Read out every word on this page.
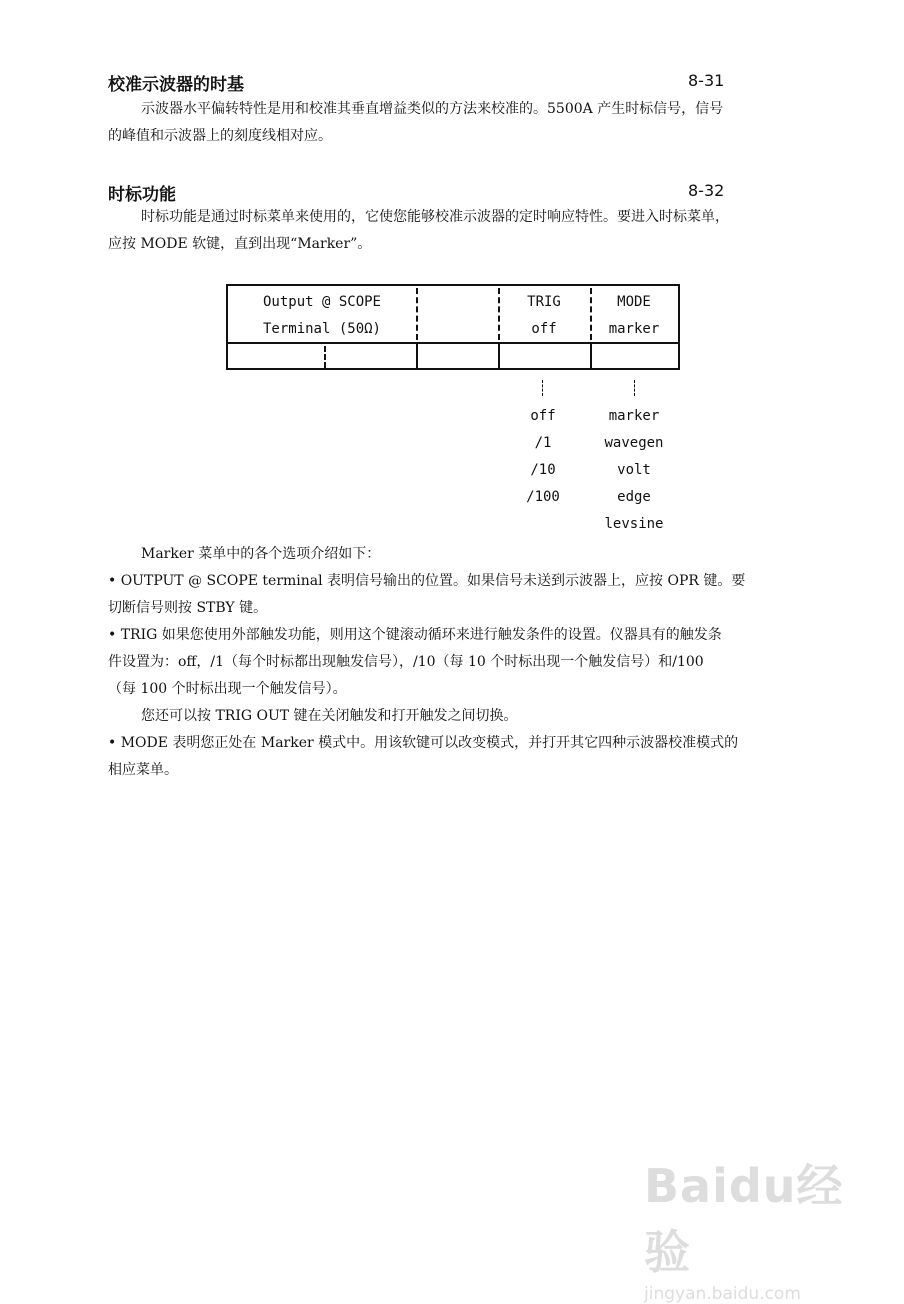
校准示波器的时基	8-31
示波器水平偏转特性是用和校准其垂直增益类似的方法来校准的。5500A 产生时标信号，信号
的峰值和示波器上的刻度线相对应。
时标功能	8-32
时标功能是通过时标菜单来使用的，它使您能够校准示波器的定时响应特性。要进入时标菜单，
应按 MODE 软键，直到出现“Marker”。
Output @ SCOPE
Terminal (50Ω)
TRIG
off
MODE
marker
off
/1
/10
/100
marker
wavegen
volt
edge
levsine
Marker 菜单中的各个选项介绍如下：
• OUTPUT @ SCOPE terminal 表明信号输出的位置。如果信号未送到示波器上，应按 OPR 键。要
切断信号则按 STBY 键。
• TRIG 如果您使用外部触发功能，则用这个键滚动循环来进行触发条件的设置。仪器具有的触发条
件设置为：off，/1（每个时标都出现触发信号），/10（每 10 个时标出现一个触发信号）和/100
（每 100 个时标出现一个触发信号）。
您还可以按 TRIG OUT 键在关闭触发和打开触发之间切换。
• MODE 表明您正处在 Marker 模式中。用该软键可以改变模式，并打开其它四种示波器校准模式的
相应菜单。
Baidu经验
jingyan.baidu.com
